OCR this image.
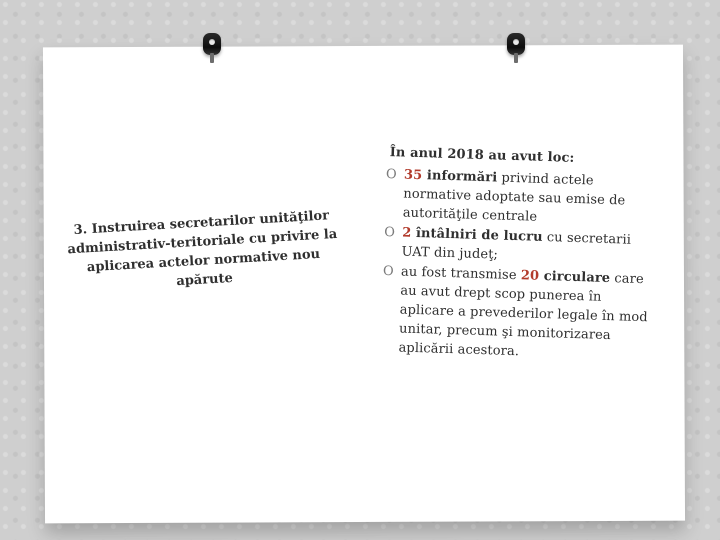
3. Instruirea secretarilor unităţilor administrativ-teritoriale cu privire la aplicarea actelor normative nou apărute
În anul 2018 au avut loc:
O 35 informări privind actele normative adoptate sau emise de autorităţile centrale
O 2 întâlniri de lucru cu secretarii UAT din judeţ;
O au fost transmise 20 circulare care au avut drept scop punerea în aplicare a prevederilor legale în mod unitar, precum şi monitorizarea aplicării acestora.
